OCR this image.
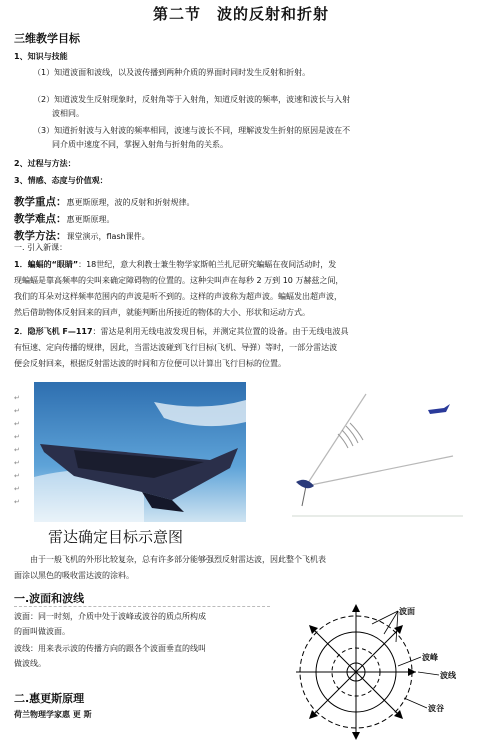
第二节　波的反射和折射
三维教学目标
1、知识与技能
（1）知道波面和波线，以及波传播到两种介质的界面时同时发生反射和折射。
（2）知道波发生反射现象时，反射角等于入射角，知道反射波的频率，波速和波长与入射
波相同。
（3）知道折射波与入射波的频率相同，波速与波长不同，理解波发生折射的原因是波在不
同介质中速度不同，掌握入射角与折射角的关系。
2、过程与方法：
3、情感、态度与价值观：
教学重点：惠更斯原理，波的反射和折射规律。
教学难点：惠更斯原理。
教学方法：课堂演示，flash课件。
一. 引入新课：
1．蝙蝠的“眼睛”：18世纪，意大利教士兼生物学家斯帕兰扎尼研究蝙蝠在夜间活动时，发
现蝙蝠是靠高频率的尖叫来确定障碍物的位置的。这种尖叫声在每秒 2 万到 10 万赫兹之间，
我们的耳朵对这样频率范围内的声波是听不到的。这样的声波称为超声波。蝙蝠发出超声波，
然后借助物体反射回来的回声，就能判断出所接近的物体的大小、形状和运动方式。
2．隐形飞机 F—117：雷达是利用无线电波发现目标，并测定其位置的设备。由于无线电波具
有恒速、定向传播的规律，因此，当雷达波碰到飞行目标(飞机、导弹）等时，一部分雷达波
便会反射回来，根据反射雷达波的时间和方位便可以计算出飞行目标的位置。
↵
↵
↵
↵
↵
↵
↵
↵
↵
雷达确定目标示意图
由于一般飞机的外形比较复杂，总有许多部分能够强烈反射雷达波，因此整个飞机表
面涂以黑色的吸收雷达波的涂料。
一.波面和波线
波面：同一时刻，介质中处于波峰或波谷的质点所构成
的面叫做波面。
波线：用来表示波的传播方向的跟各个波面垂直的线叫
做波线。
二.惠更斯原理
荷兰物理学家惠 更 斯
波面
波峰
波线
波谷
